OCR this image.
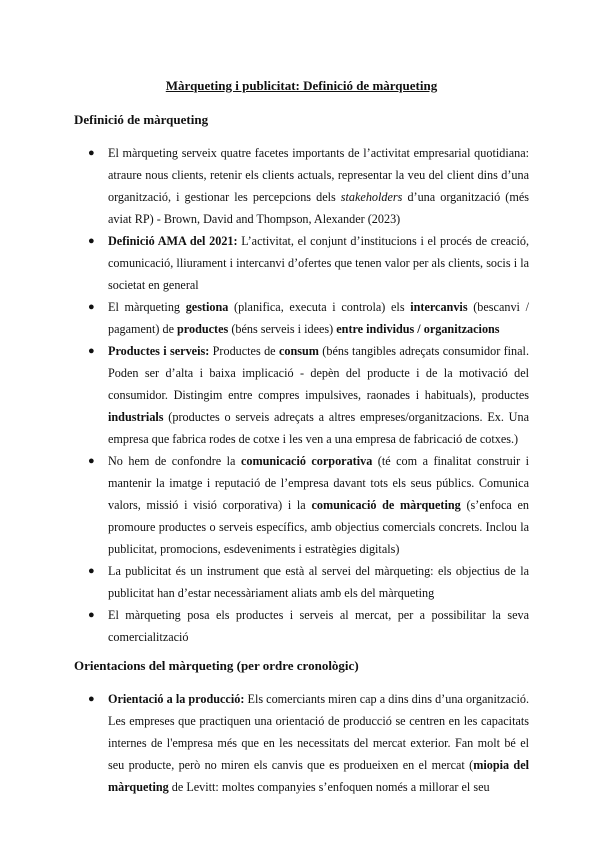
Màrqueting i publicitat: Definició de màrqueting
Definició de màrqueting
● El màrqueting serveix quatre facetes importants de l’activitat empresarial quotidiana: atraure nous clients, retenir els clients actuals, representar la veu del client dins d’una organització, i gestionar les percepcions dels stakeholders d’una organització (més aviat RP) - Brown, David and Thompson, Alexander (2023)
● Definició AMA del 2021: L’activitat, el conjunt d’institucions i el procés de creació, comunicació, lliurament i intercanvi d’ofertes que tenen valor per als clients, socis i la societat en general
● El màrqueting gestiona (planifica, executa i controla) els intercanvis (bescanvi / pagament) de productes (béns serveis i idees) entre individus / organitzacions
● Productes i serveis: Productes de consum (béns tangibles adreçats consumidor final. Poden ser d’alta i baixa implicació - depèn del producte i de la motivació del consumidor. Distingim entre compres impulsives, raonades i habituals), productes industrials (productes o serveis adreçats a altres empreses/organitzacions. Ex. Una empresa que fabrica rodes de cotxe i les ven a una empresa de fabricació de cotxes.)
● No hem de confondre la comunicació corporativa (té com a finalitat construir i mantenir la imatge i reputació de l’empresa davant tots els seus públics. Comunica valors, missió i visió corporativa) i la comunicació de màrqueting (s’enfoca en promoure productes o serveis específics, amb objectius comercials concrets. Inclou la publicitat, promocions, esdeveniments i estratègies digitals)
● La publicitat és un instrument que està al servei del màrqueting: els objectius de la publicitat han d’estar necessàriament aliats amb els del màrqueting
● El màrqueting posa els productes i serveis al mercat, per a possibilitar la seva comercialització
Orientacions del màrqueting (per ordre cronològic)
● Orientació a la producció: Els comerciants miren cap a dins dins d’una organització. Les empreses que practiquen una orientació de producció se centren en les capacitats internes de l'empresa més que en les necessitats del mercat exterior. Fan molt bé el seu producte, però no miren els canvis que es produeixen en el mercat (miopia del màrqueting de Levitt: moltes companyies s’enfoquen només a millorar el seu
